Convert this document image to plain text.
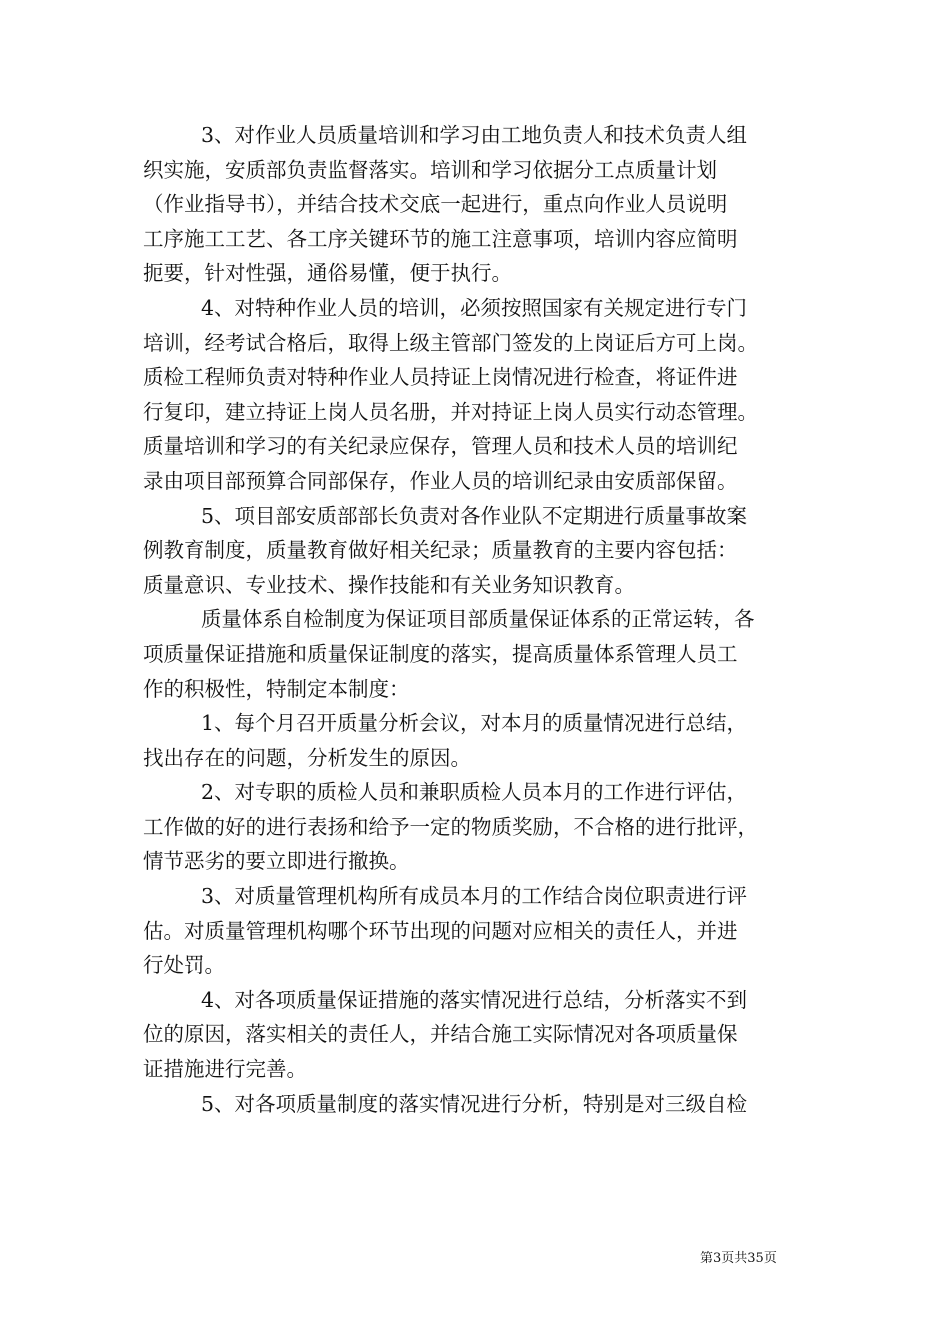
3、对作业人员质量培训和学习由工地负责人和技术负责人组
织实施，安质部负责监督落实。培训和学习依据分工点质量计划
（作业指导书），并结合技术交底一起进行，重点向作业人员说明
工序施工工艺、各工序关键环节的施工注意事项，培训内容应简明
扼要，针对性强，通俗易懂，便于执行。
4、对特种作业人员的培训，必须按照国家有关规定进行专门
培训，经考试合格后，取得上级主管部门签发的上岗证后方可上岗。
质检工程师负责对特种作业人员持证上岗情况进行检查，将证件进
行复印，建立持证上岗人员名册，并对持证上岗人员实行动态管理。
质量培训和学习的有关纪录应保存，管理人员和技术人员的培训纪
录由项目部预算合同部保存，作业人员的培训纪录由安质部保留。
5、项目部安质部部长负责对各作业队不定期进行质量事故案
例教育制度，质量教育做好相关纪录；质量教育的主要内容包括：
质量意识、专业技术、操作技能和有关业务知识教育。
质量体系自检制度为保证项目部质量保证体系的正常运转，各
项质量保证措施和质量保证制度的落实，提高质量体系管理人员工
作的积极性，特制定本制度：
1、每个月召开质量分析会议，对本月的质量情况进行总结，
找出存在的问题，分析发生的原因。
2、对专职的质检人员和兼职质检人员本月的工作进行评估，
工作做的好的进行表扬和给予一定的物质奖励，不合格的进行批评，
情节恶劣的要立即进行撤换。
3、对质量管理机构所有成员本月的工作结合岗位职责进行评
估。对质量管理机构哪个环节出现的问题对应相关的责任人，并进
行处罚。
4、对各项质量保证措施的落实情况进行总结，分析落实不到
位的原因，落实相关的责任人，并结合施工实际情况对各项质量保
证措施进行完善。
5、对各项质量制度的落实情况进行分析，特别是对三级自检
第3页共35页
